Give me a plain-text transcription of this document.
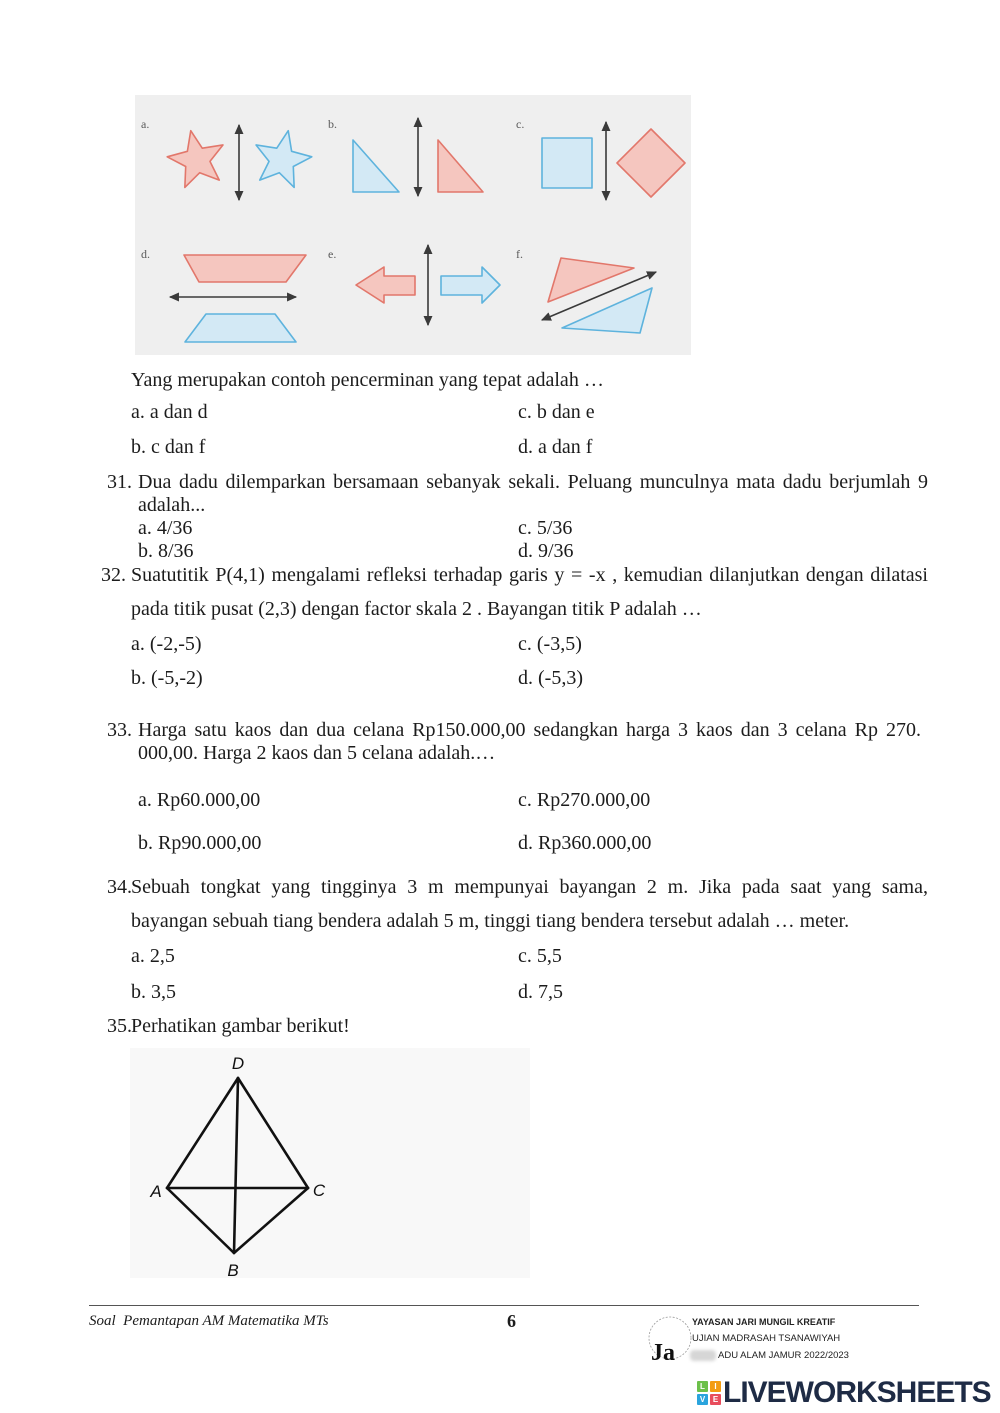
a.	b.	c.
d.	e.	f.
Yang merupakan contoh pencerminan yang tepat adalah …
a. a dan d	c. b dan e
b. c dan f	d. a dan f
31. Dua dadu dilemparkan bersamaan sebanyak sekali. Peluang munculnya mata dadu berjumlah 9
adalah...
a. 4/36	c. 5/36
b. 8/36	d. 9/36
32. Suatutitik P(4,1) mengalami refleksi terhadap garis y = -x , kemudian dilanjutkan dengan dilatasi
pada titik pusat (2,3) dengan factor skala 2 . Bayangan titik P adalah …
a. (-2,-5)	c. (-3,5)
b. (-5,-2)	d. (-5,3)
33. Harga satu kaos dan dua celana Rp150.000,00 sedangkan harga 3 kaos dan 3 celana Rp 270.
000,00. Harga 2 kaos dan 5 celana adalah.…
a. Rp60.000,00	c. Rp270.000,00
b. Rp90.000,00	d. Rp360.000,00
34. Sebuah tongkat yang tingginya 3 m mempunyai bayangan 2 m. Jika pada saat yang sama,
bayangan sebuah tiang bendera adalah 5 m, tinggi tiang bendera tersebut adalah … meter.
a. 2,5	c. 5,5
b. 3,5	d. 7,5
35. Perhatikan gambar berikut!
D
A	C
B
Soal  Pemantapan AM Matematika MTs	6
Ja
YAYASAN JARI MUNGIL KREATIF
UJIAN MADRASAH TSANAWIYAH
ADU ALAM JAMUR 2022/2023
L	I
V E LIVEWORKSHEETS
